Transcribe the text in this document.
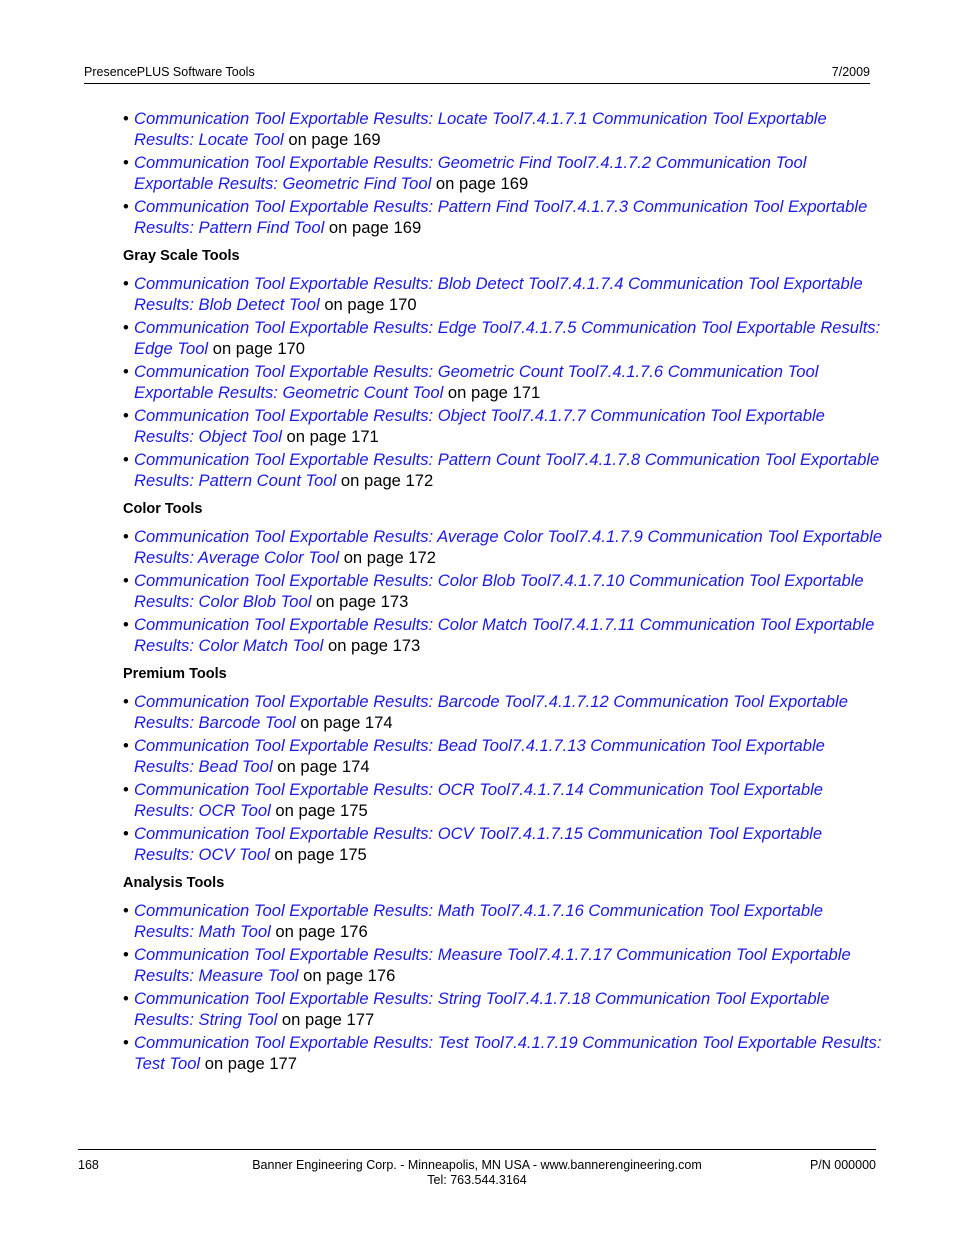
PresencePLUS Software Tools	7/2009
• Communication Tool Exportable Results: Locate Tool7.4.1.7.1 Communication Tool Exportable Results: Locate Tool on page 169
• Communication Tool Exportable Results: Geometric Find Tool7.4.1.7.2 Communication Tool Exportable Results: Geometric Find Tool on page 169
• Communication Tool Exportable Results: Pattern Find Tool7.4.1.7.3 Communication Tool Exportable Results: Pattern Find Tool on page 169
Gray Scale Tools
• Communication Tool Exportable Results: Blob Detect Tool7.4.1.7.4 Communication Tool Exportable Results: Blob Detect Tool on page 170
• Communication Tool Exportable Results: Edge Tool7.4.1.7.5 Communication Tool Exportable Results: Edge Tool on page 170
• Communication Tool Exportable Results: Geometric Count Tool7.4.1.7.6 Communication Tool Exportable Results: Geometric Count Tool on page 171
• Communication Tool Exportable Results: Object Tool7.4.1.7.7 Communication Tool Exportable Results: Object Tool on page 171
• Communication Tool Exportable Results: Pattern Count Tool7.4.1.7.8 Communication Tool Exportable Results: Pattern Count Tool on page 172
Color Tools
• Communication Tool Exportable Results: Average Color Tool7.4.1.7.9 Communication Tool Exportable Results: Average Color Tool on page 172
• Communication Tool Exportable Results: Color Blob Tool7.4.1.7.10 Communication Tool Exportable Results: Color Blob Tool on page 173
• Communication Tool Exportable Results: Color Match Tool7.4.1.7.11 Communication Tool Exportable Results: Color Match Tool on page 173
Premium Tools
• Communication Tool Exportable Results: Barcode Tool7.4.1.7.12 Communication Tool Exportable Results: Barcode Tool on page 174
• Communication Tool Exportable Results: Bead Tool7.4.1.7.13 Communication Tool Exportable Results: Bead Tool on page 174
• Communication Tool Exportable Results: OCR Tool7.4.1.7.14 Communication Tool Exportable Results: OCR Tool on page 175
• Communication Tool Exportable Results: OCV Tool7.4.1.7.15 Communication Tool Exportable Results: OCV Tool on page 175
Analysis Tools
• Communication Tool Exportable Results: Math Tool7.4.1.7.16 Communication Tool Exportable Results: Math Tool on page 176
• Communication Tool Exportable Results: Measure Tool7.4.1.7.17 Communication Tool Exportable Results: Measure Tool on page 176
• Communication Tool Exportable Results: String Tool7.4.1.7.18 Communication Tool Exportable Results: String Tool on page 177
• Communication Tool Exportable Results: Test Tool7.4.1.7.19 Communication Tool Exportable Results: Test Tool on page 177
168	Banner Engineering Corp. - Minneapolis, MN USA - www.bannerengineering.com
Tel: 763.544.3164
P/N 000000
